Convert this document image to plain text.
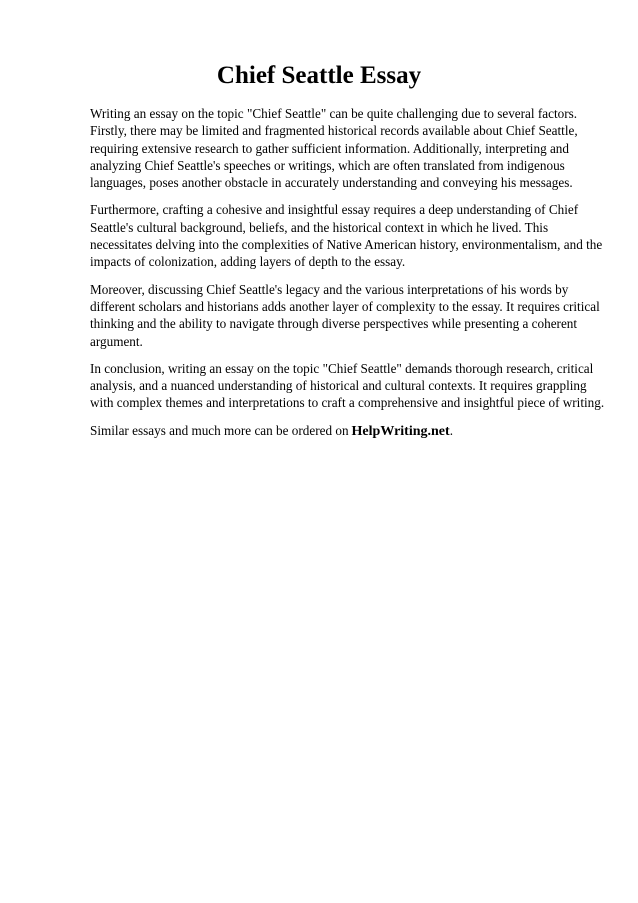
Chief Seattle Essay

Writing an essay on the topic "Chief Seattle" can be quite challenging due to several factors.
Firstly, there may be limited and fragmented historical records available about Chief Seattle,
requiring extensive research to gather sufficient information. Additionally, interpreting and
analyzing Chief Seattle's speeches or writings, which are often translated from indigenous
languages, poses another obstacle in accurately understanding and conveying his messages.

Furthermore, crafting a cohesive and insightful essay requires a deep understanding of Chief
Seattle's cultural background, beliefs, and the historical context in which he lived. This
necessitates delving into the complexities of Native American history, environmentalism, and the
impacts of colonization, adding layers of depth to the essay.

Moreover, discussing Chief Seattle's legacy and the various interpretations of his words by
different scholars and historians adds another layer of complexity to the essay. It requires critical
thinking and the ability to navigate through diverse perspectives while presenting a coherent
argument.

In conclusion, writing an essay on the topic "Chief Seattle" demands thorough research, critical
analysis, and a nuanced understanding of historical and cultural contexts. It requires grappling
with complex themes and interpretations to craft a comprehensive and insightful piece of writing.

Similar essays and much more can be ordered on HelpWriting.net.
